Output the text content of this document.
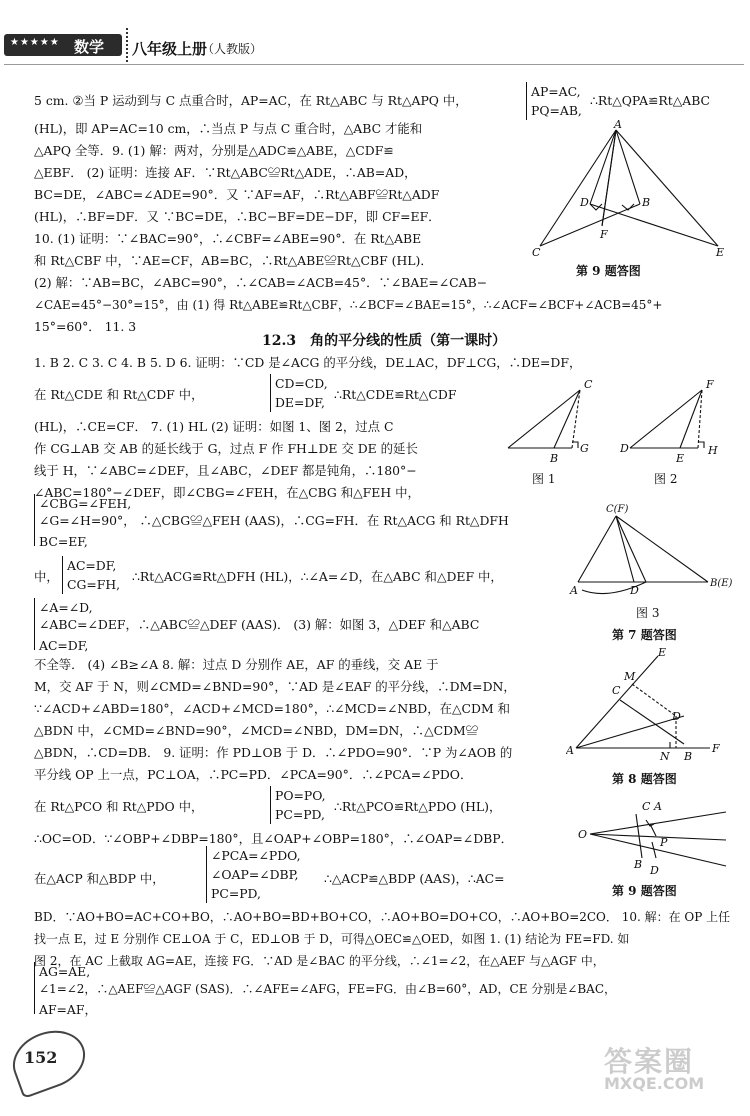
★★★★★ 数学 八年级上册
（人教版）
5 cm. ②当 P 运动到与 C 点重合时，AP=AC，在 Rt△ABC 与 Rt△APQ 中，
AP=AC,
PQ=AB,
∴Rt△QPA≌Rt△ABC
(HL)，即 AP=AC=10 cm，∴当点 P 与点 C 重合时，△ABC 才能和
△APQ 全等．9. (1) 解：两对，分别是△ADC≌△ABE，△CDF≌
△EBF． (2) 证明：连接 AF．∵Rt△ABC≌Rt△ADE，∴AB=AD，
BC=DE，∠ABC=∠ADE=90°．又 ∵AF=AF，∴Rt△ABF≌Rt△ADF
(HL)，∴BF=DF．又 ∵BC=DE，∴BC−BF=DE−DF，即 CF=EF．
10. (1) 证明：∵∠BAC=90°，∴∠CBF=∠ABE=90°．在 Rt△ABE
和 Rt△CBF 中，∵AE=CF，AB=BC，∴Rt△ABE≌Rt△CBF (HL)．
(2) 解：∵AB=BC，∠ABC=90°，∴∠CAB=∠ACB=45°．∵∠BAE=∠CAB−
∠CAE=45°−30°=15°，由 (1) 得 Rt△ABE≌Rt△CBF，∴∠BCF=∠BAE=15°，∴∠ACF=∠BCF+∠ACB=45°+
15°=60°． 11. 3
A
D	B
F
C	E
第 9 题答图
12.3　角的平分线的性质（第一课时）
1. B 2. C 3. C 4. B 5. D 6. 证明：∵CD 是∠ACG 的平分线，DE⊥AC，DF⊥CG，∴DE=DF，
在 Rt△CDE 和 Rt△CDF 中，
CD=CD,
DE=DF,
∴Rt△CDE≌Rt△CDF
(HL)，∴CE=CF． 7. (1) HL (2) 证明：如图 1、图 2，过点 C
作 CG⊥AB 交 AB 的延长线于 G，过点 F 作 FH⊥DE 交 DE 的延长
线于 H，∵∠ABC=∠DEF，且∠ABC，∠DEF 都是钝角，∴180°−
∠ABC=180°−∠DEF，即∠CBG=∠FEH，在△CBG 和△FEH 中，
∠CBG=∠FEH,
BC=EF,
∠G=∠H=90°， ∴△CBG≌△FEH (AAS)，∴CG=FH．在 Rt△ACG 和 Rt△DFH
中，
AC=DF,
CG=FH,
∴Rt△ACG≌Rt△DFH (HL)，∴∠A=∠D，在△ABC 和△DEF 中，
∠A=∠D,
AC=DF,
∠ABC=∠DEF，∴△ABC≌△DEF (AAS)． (3) 解：如图 3，△DEF 和△ABC
不全等． (4) ∠B≥∠A 8. 解：过点 D 分别作 AE，AF 的垂线，交 AE 于
M，交 AF 于 N，则∠CMD=∠BND=90°，∵AD 是∠EAF 的平分线，∴DM=DN，
∵∠ACD+∠ABD=180°，∠ACD+∠MCD=180°，∴∠MCD=∠NBD，在△CDM 和
△BDN 中，∠CMD=∠BND=90°，∠MCD=∠NBD，DM=DN，∴△CDM≌
△BDN，∴CD=DB． 9. 证明：作 PD⊥OB 于 D．∴∠PDO=90°．∵P 为∠AOB 的
平分线 OP 上一点，PC⊥OA，∴PC=PD．∠PCA=90°．∴∠PCA=∠PDO．
在 Rt△PCO 和 Rt△PDO 中，
PO=PO,
PC=PD,
∴Rt△PCO≌Rt△PDO (HL)，
∴OC=OD．∵∠OBP+∠DBP=180°，且∠OAP+∠OBP=180°，∴∠OAP=∠DBP．
在△ACP 和△BDP 中，
∠PCA=∠PDO,
∠OAP=∠DBP,
PC=PD,
∴△ACP≌△BDP (AAS)，∴AC=
BD．∵AO+BO=AC+CO+BO，∴AO+BO=BD+BO+CO，∴AO+BO=DO+CO，∴AO+BO=2CO． 10. 解：在 OP 上任
找一点 E，过 E 分别作 CE⊥OA 于 C，ED⊥OB 于 D，可得△OEC≌△OED，如图 1. (1) 结论为 FE=FD. 如
图 2，在 AC 上截取 AG=AE，连接 FG．∵AD 是∠BAC 的平分线，∴∠1=∠2，在△AEF 与△AGF 中，
AG=AE,
AF=AF，
∠1=∠2，∴△AEF≌△AGF (SAS)．∴∠AFE=∠AFG，FE=FG．由∠B=60°，AD，CE 分别是∠BAC，
C
B
G
图 1
F
D
E
H
图 2
C(F)
A	D
B(E)
图 3
第 7 题答图
E
M
C
D
A	N B
F
第 8 题答图
O
C A
P
B D
第 9 题答图
152	答案圈
MXQE.COM
